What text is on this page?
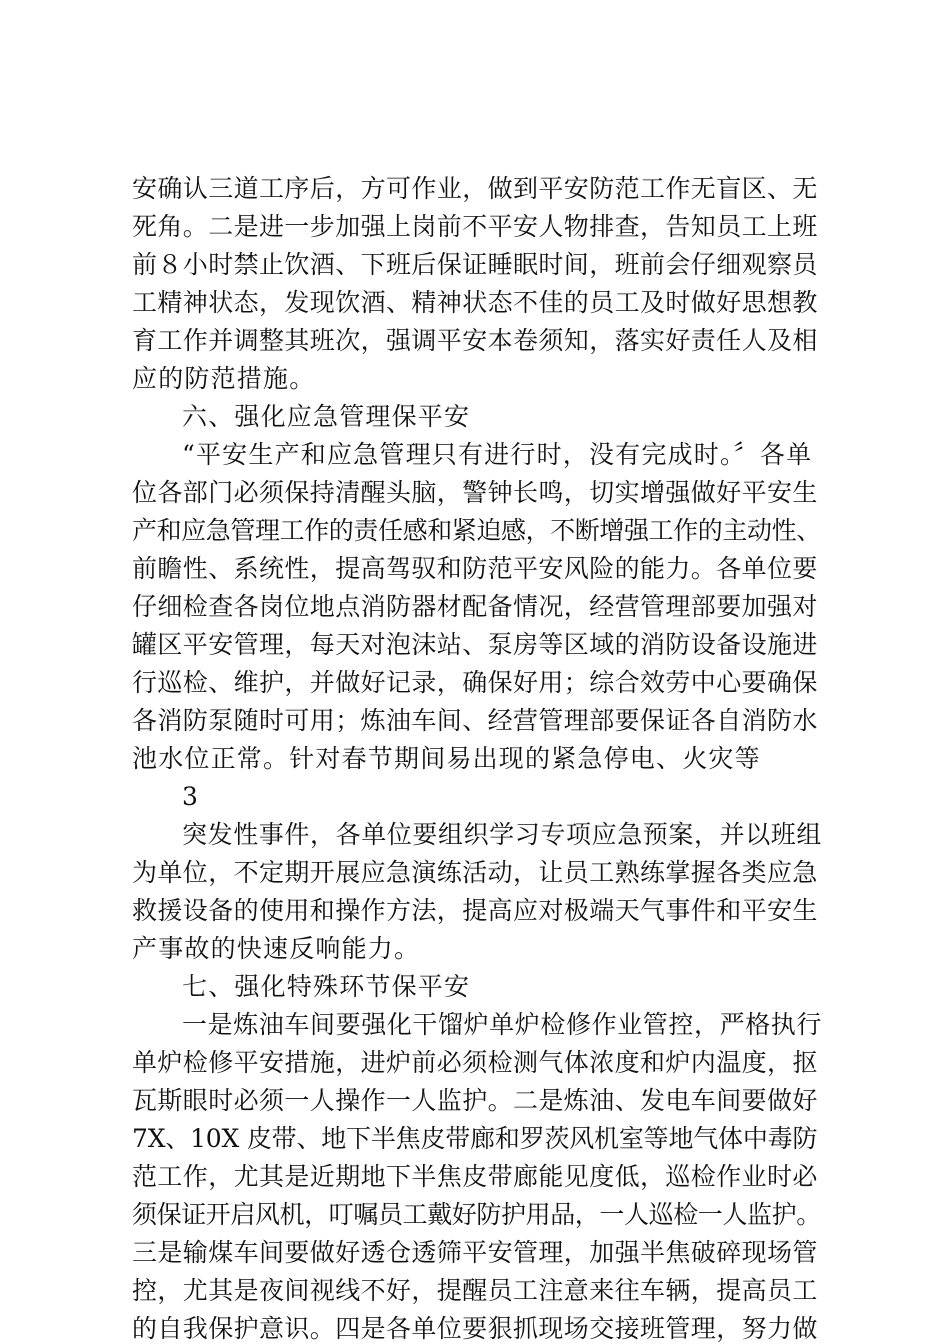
安确认三道工序后，方可作业，做到平安防范工作无盲区、无
死角。二是进一步加强上岗前不平安人物排查，告知员工上班
前８小时禁止饮酒、下班后保证睡眠时间，班前会仔细观察员
工精神状态，发现饮酒、精神状态不佳的员工及时做好思想教
育工作并调整其班次，强调平安本卷须知，落实好责任人及相
应的防范措施。
六、强化应急管理保平安
“平安生产和应急管理只有进行时，没有完成时。〞各单
位各部门必须保持清醒头脑，警钟长鸣，切实增强做好平安生
产和应急管理工作的责任感和紧迫感，不断增强工作的主动性、
前瞻性、系统性，提高驾驭和防范平安风险的能力。各单位要
仔细检查各岗位地点消防器材配备情况，经营管理部要加强对
罐区平安管理，每天对泡沫站、泵房等区域的消防设备设施进
行巡检、维护，并做好记录，确保好用；综合效劳中心要确保
各消防泵随时可用；炼油车间、经营管理部要保证各自消防水
池水位正常。针对春节期间易出现的紧急停电、火灾等
3
突发性事件，各单位要组织学习专项应急预案，并以班组
为单位，不定期开展应急演练活动，让员工熟练掌握各类应急
救援设备的使用和操作方法，提高应对极端天气事件和平安生
产事故的快速反响能力。
七、强化特殊环节保平安
一是炼油车间要强化干馏炉单炉检修作业管控，严格执行
单炉检修平安措施，进炉前必须检测气体浓度和炉内温度，抠
瓦斯眼时必须一人操作一人监护。二是炼油、发电车间要做好
7X、10X 皮带、地下半焦皮带廊和罗茨风机室等地气体中毒防
范工作，尤其是近期地下半焦皮带廊能见度低，巡检作业时必
须保证开启风机，叮嘱员工戴好防护用品，一人巡检一人监护。
三是输煤车间要做好透仓透筛平安管理，加强半焦破碎现场管
控，尤其是夜间视线不好，提醒员工注意来往车辆，提高员工
的自我保护意识。四是各单位要狠抓现场交接班管理，努力做
